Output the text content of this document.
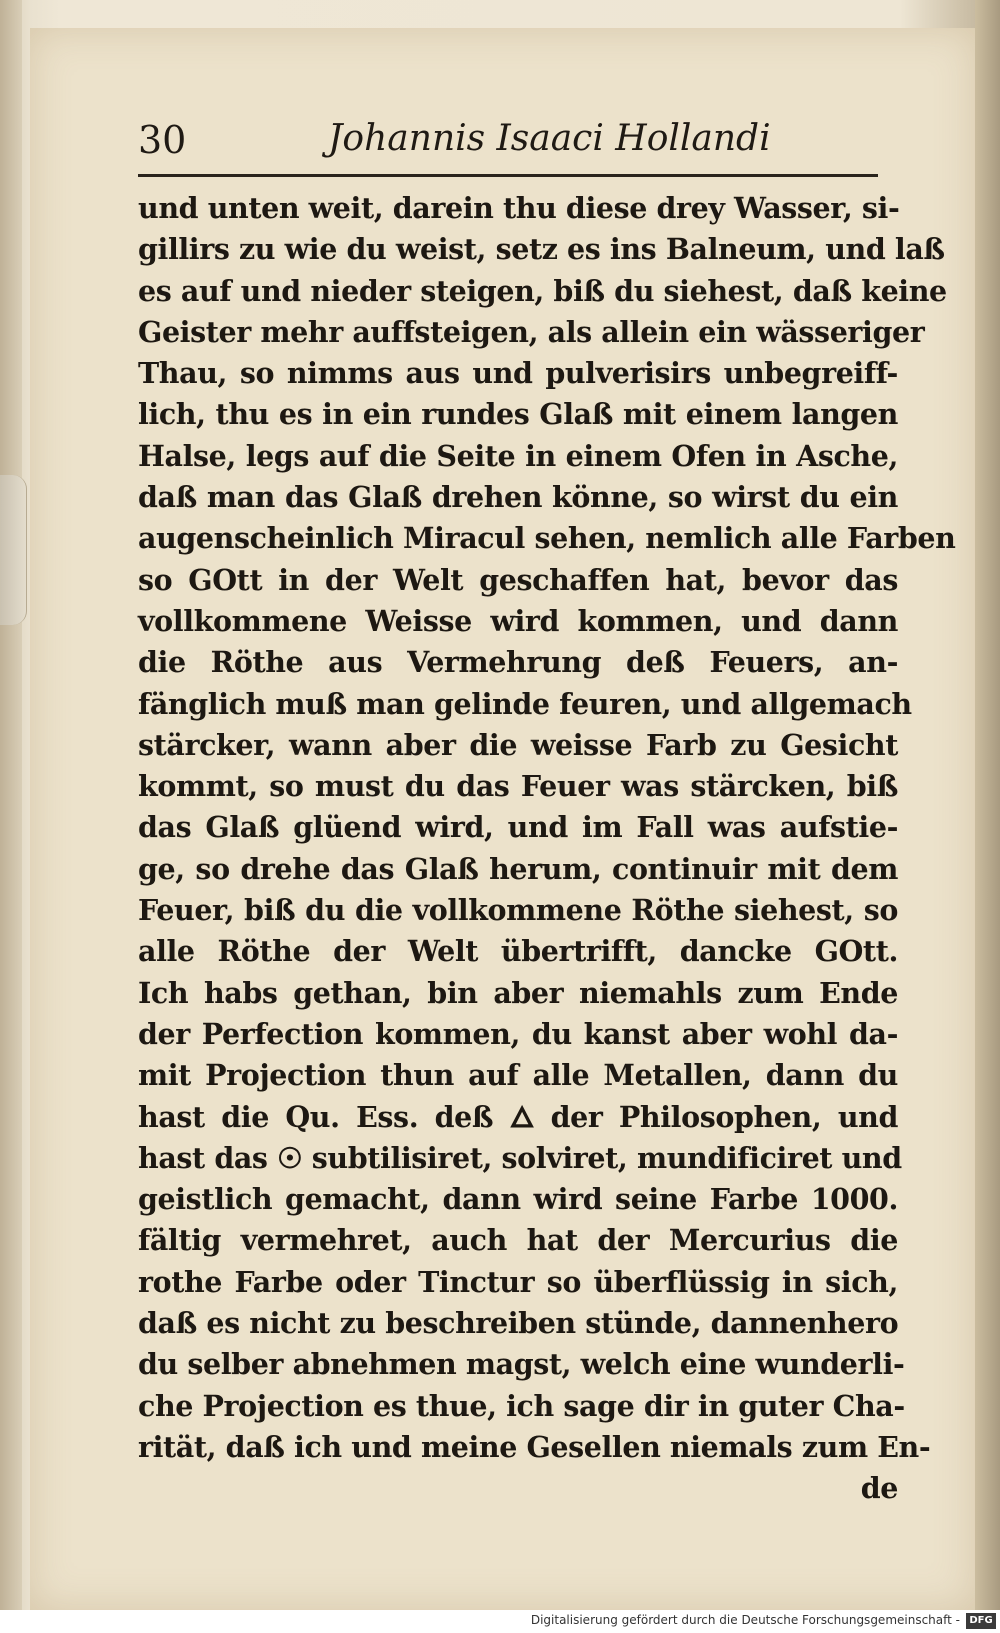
30	Johannis Isaaci Hollandi
und unten weit, darein thu diese drey Wasser, si-
gillirs zu wie du weist, setz es ins Balneum, und laß
es auf und nieder steigen, biß du siehest, daß keine
Geister mehr auffsteigen, als allein ein wässeriger
Thau, so nimms aus und pulverisirs unbegreiff-
lich, thu es in ein rundes Glaß mit einem langen
Halse, legs auf die Seite in einem Ofen in Asche,
daß man das Glaß drehen könne, so wirst du ein
augenscheinlich Miracul sehen, nemlich alle Farben
so GOtt in der Welt geschaffen hat, bevor das
vollkommene Weisse wird kommen, und dann
die Röthe aus Vermehrung deß Feuers, an-
fänglich muß man gelinde feuren, und allgemach
stärcker, wann aber die weisse Farb zu Gesicht
kommt, so must du das Feuer was stärcken, biß
das Glaß glüend wird, und im Fall was aufstie-
ge, so drehe das Glaß herum, continuir mit dem
Feuer, biß du die vollkommene Röthe siehest, so
alle Röthe der Welt übertrifft, dancke GOtt.
Ich habs gethan, bin aber niemahls zum Ende
der Perfection kommen, du kanst aber wohl da-
mit Projection thun auf alle Metallen, dann du
hast die Qu. Ess. deß 🜂 der Philosophen, und
hast das ☉ subtilisiret, solviret, mundificiret und
geistlich gemacht, dann wird seine Farbe 1000.
fältig vermehret, auch hat der Mercurius die
rothe Farbe oder Tinctur so überflüssig in sich,
daß es nicht zu beschreiben stünde, dannenhero
du selber abnehmen magst, welch eine wunderli-
che Projection es thue, ich sage dir in guter Cha-
rität, daß ich und meine Gesellen niemals zum En-
de
Digitalisierung gefördert durch die Deutsche Forschungsgemeinschaft - DFG
